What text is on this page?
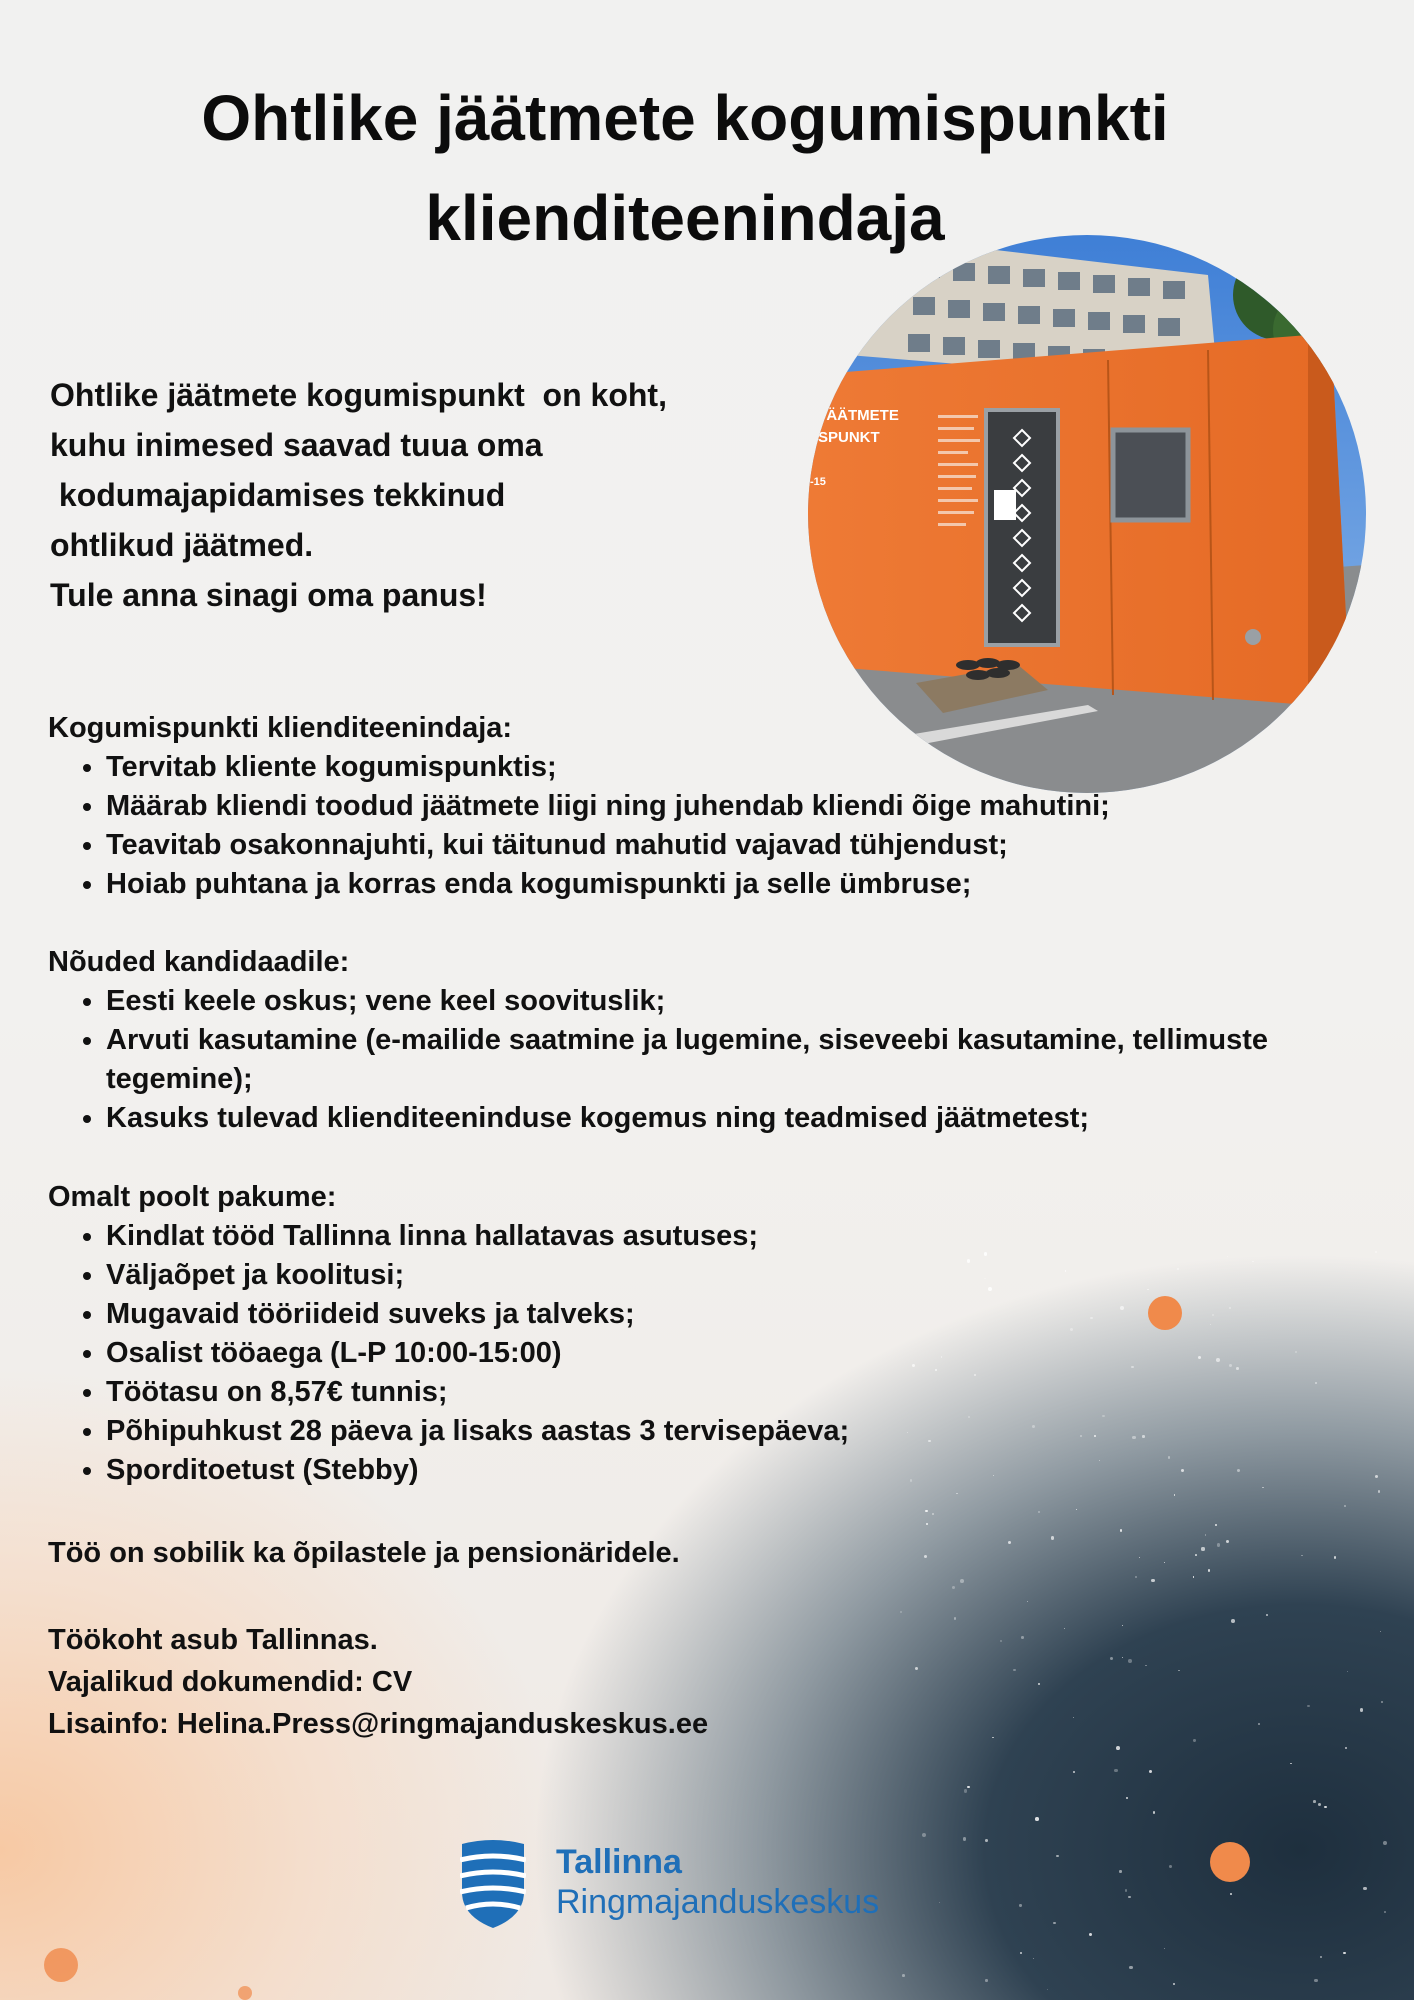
Ohtlike jäätmete kogumispunkti
klienditeenindaja
Ohtlike jäätmete kogumispunkt  on koht,
kuhu inimesed saavad tuua oma
kodumajapidamises tekkinud
ohtlikud jäätmed.
Tule anna sinagi oma panus!
JÄÄTMETE
SPUNKT
-15
Kogumispunkti klienditeenindaja:
• Tervitab kliente kogumispunktis;
• Määrab kliendi toodud jäätmete liigi ning juhendab kliendi õige mahutini;
• Teavitab osakonnajuhti, kui täitunud mahutid vajavad tühjendust;
• Hoiab puhtana ja korras enda kogumispunkti ja selle ümbruse;
Nõuded kandidaadile:
• Eesti keele oskus; vene keel soovituslik;
• Arvuti kasutamine (e-mailide saatmine ja lugemine, siseveebi kasutamine, tellimuste tegemine);
• Kasuks tulevad klienditeeninduse kogemus ning teadmised jäätmetest;
Omalt poolt pakume:
• Kindlat tööd Tallinna linna hallatavas asutuses;
• Väljaõpet ja koolitusi;
• Mugavaid tööriideid suveks ja talveks;
• Osalist tööaega (L-P 10:00-15:00)
• Töötasu on 8,57€ tunnis;
• Põhipuhkust 28 päeva ja lisaks aastas 3 tervisepäeva;
• Sporditoetust (Stebby)

Töö on sobilik ka õpilastele ja pensionäridele.

Töökoht asub Tallinnas.
Vajalikud dokumendid: CV
Lisainfo: Helina.Press@ringmajanduskeskus.ee
Tallinna
Ringmajanduskeskus
